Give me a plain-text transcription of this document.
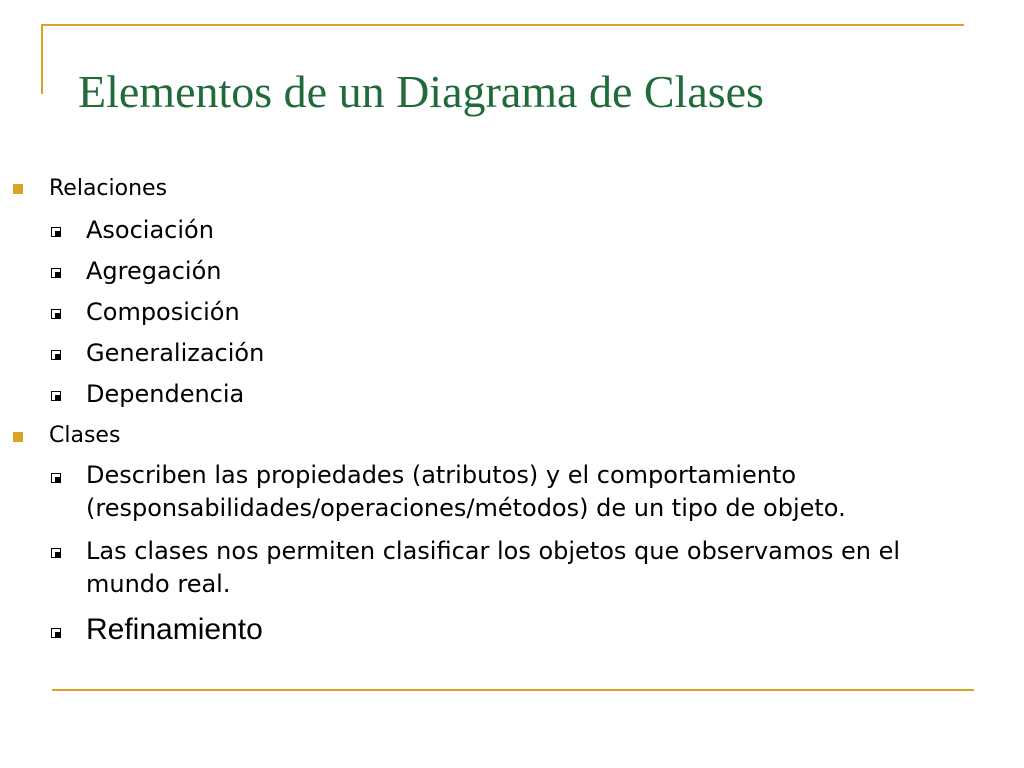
Elementos de un Diagrama de Clases
Relaciones
Asociación
Agregación
Composición
Generalización
Dependencia
Clases
Describen las propiedades (atributos) y el comportamiento (responsabilidades/operaciones/métodos) de un tipo de objeto.
Las clases nos permiten clasificar los objetos que observamos en el mundo real.
Refinamiento
